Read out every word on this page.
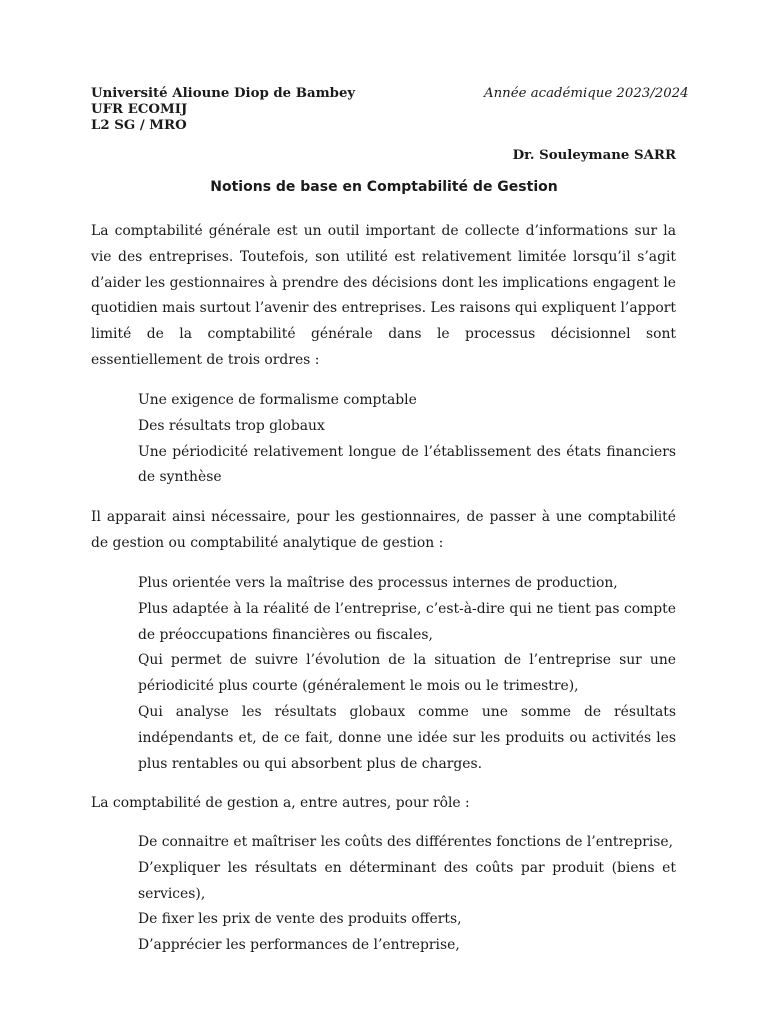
Université Alioune Diop de Bambey
UFR ECOMIJ
L2 SG / MRO
Année académique 2023/2024
Dr. Souleymane SARR
Notions de base en Comptabilité de Gestion

La comptabilité générale est un outil important de collecte d’informations sur la vie des entreprises. Toutefois, son utilité est relativement limitée lorsqu’il s’agit d’aider les gestionnaires à prendre des décisions dont les implications engagent le quotidien mais surtout l’avenir des entreprises. Les raisons qui expliquent l’apport limité de la comptabilité générale dans le processus décisionnel sont essentiellement de trois ordres :

Une exigence de formalisme comptable
Des résultats trop globaux
Une périodicité relativement longue de l’établissement des états financiers de synthèse

Il apparait ainsi nécessaire, pour les gestionnaires, de passer à une comptabilité de gestion ou comptabilité analytique de gestion :

Plus orientée vers la maîtrise des processus internes de production,
Plus adaptée à la réalité de l’entreprise, c’est-à-dire qui ne tient pas compte de préoccupations financières ou fiscales,
Qui permet de suivre l’évolution de la situation de l’entreprise sur une périodicité plus courte (généralement le mois ou le trimestre),
Qui analyse les résultats globaux comme une somme de résultats indépendants et, de ce fait, donne une idée sur les produits ou activités les plus rentables ou qui absorbent plus de charges.

La comptabilité de gestion a, entre autres, pour rôle :

De connaitre et maîtriser les coûts des différentes fonctions de l’entreprise,
D’expliquer les résultats en déterminant des coûts par produit (biens et services),
De fixer les prix de vente des produits offerts,
D’apprécier les performances de l’entreprise,
